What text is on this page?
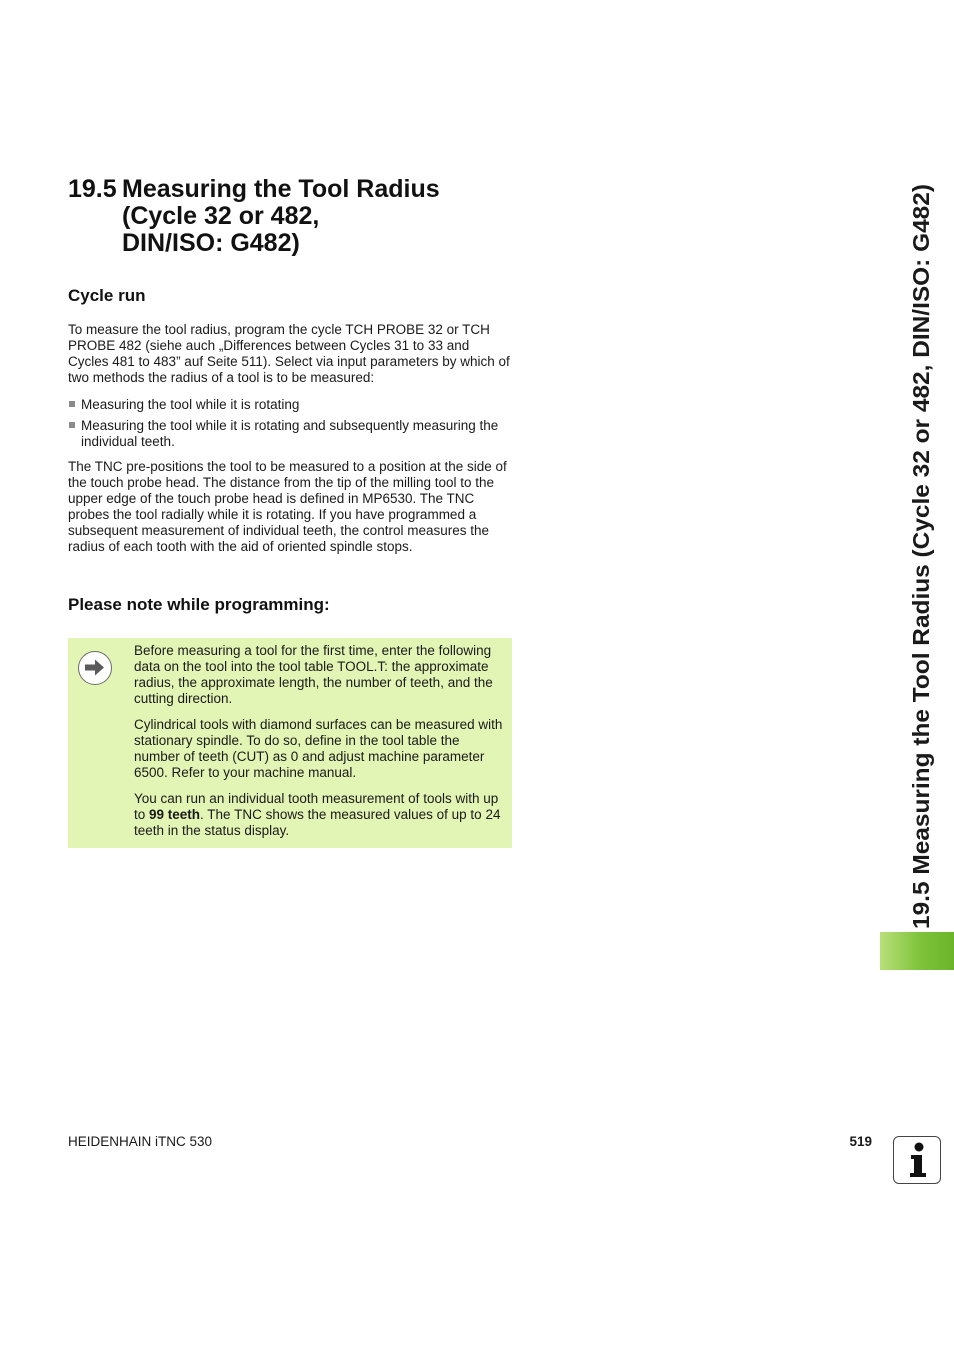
19.5 Measuring the Tool Radius
(Cycle 32 or 482,
DIN/ISO: G482)
Cycle run
To measure the tool radius, program the cycle TCH PROBE 32 or TCH PROBE 482 (siehe auch „Differences between Cycles 31 to 33 and Cycles 481 to 483” auf Seite 511). Select via input parameters by which of two methods the radius of a tool is to be measured:
Measuring the tool while it is rotating
Measuring the tool while it is rotating and subsequently measuring the individual teeth.
The TNC pre-positions the tool to be measured to a position at the side of the touch probe head. The distance from the tip of the milling tool to the upper edge of the touch probe head is defined in MP6530. The TNC probes the tool radially while it is rotating. If you have programmed a subsequent measurement of individual teeth, the control measures the radius of each tooth with the aid of oriented spindle stops.
Please note while programming:

Before measuring a tool for the first time, enter the following data on the tool into the tool table TOOL.T: the approximate radius, the approximate length, the number of teeth, and the cutting direction.

Cylindrical tools with diamond surfaces can be measured with stationary spindle. To do so, define in the tool table the number of teeth (CUT) as 0 and adjust machine parameter 6500. Refer to your machine manual.

You can run an individual tooth measurement of tools with up to 99 teeth. The TNC shows the measured values of up to 24 teeth in the status display.	19.5 Measuring the Tool Radius (Cycle 32 or 482, DIN/ISO: G482)
HEIDENHAIN iTNC 530	519
